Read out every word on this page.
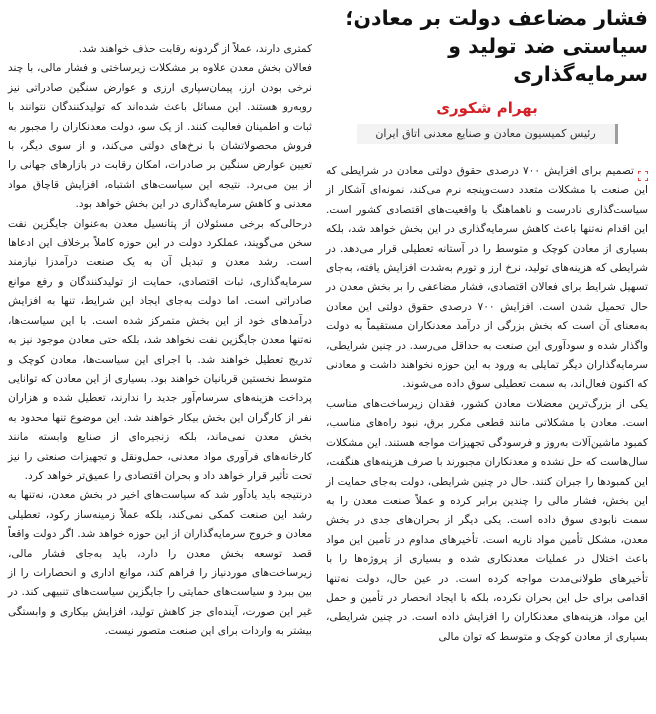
فشار مضاعف دولت بر معادن؛
سیاستی ضد تولید و سرمایه‌گذاری
بهرام شکوری
رئیس کمیسیون معادن و صنایع معدنی اتاق ایران

تصمیم برای افزایش ۷۰۰ درصدی حقوق دولتی معادن در شرایطی که این صنعت با مشکلات متعدد دست‌وپنجه نرم می‌کند، نمونه‌ای آشکار از سیاست‌گذاری نادرست و ناهماهنگ با واقعیت‌های اقتصادی کشور است. این اقدام نه‌تنها باعث کاهش سرمایه‌گذاری در این بخش خواهد شد، بلکه بسیاری از معادن کوچک و متوسط را در آستانه تعطیلی قرار می‌دهد. در شرایطی که هزینه‌های تولید، نرخ ارز و تورم به‌شدت افزایش یافته، به‌جای تسهیل شرایط برای فعالان اقتصادی، فشار مضاعفی را بر بخش معدن در حال تحمیل شدن است. افزایش ۷۰۰ درصدی حقوق دولتی این معادن به‌معنای آن است که بخش بزرگی از درآمد معدنکاران مستقیماً به دولت واگذار شده و سودآوری این صنعت به حداقل می‌رسد. در چنین شرایطی، سرمایه‌گذاران دیگر تمایلی به ورود به این حوزه نخواهند داشت و معادنی که اکنون فعال‌اند، به سمت تعطیلی سوق داده می‌شوند.

یکی از بزرگ‌ترین معضلات معادن کشور، فقدان زیرساخت‌های مناسب است. معادن با مشکلاتی مانند قطعی مکرر برق، نبود راه‌های مناسب، کمبود ماشین‌آلات به‌روز و فرسودگی تجهیزات مواجه هستند. این مشکلات سال‌هاست که حل نشده و معدنکاران مجبورند با صرف هزینه‌های هنگفت، این کمبودها را جبران کنند. حال در چنین شرایطی، دولت به‌جای حمایت از این بخش، فشار مالی را چندین برابر کرده و عملاً صنعت معدن را به سمت نابودی سوق داده است. یکی دیگر از بحران‌های جدی در بخش معدن، مشکل تأمین مواد ناریه است. تأخیرهای مداوم در تأمین این مواد باعث اختلال در عملیات معدنکاری شده و بسیاری از پروژه‌ها را با تأخیرهای طولانی‌مدت مواجه کرده است. در عین حال، دولت نه‌تنها اقدامی برای حل این بحران نکرده، بلکه با ایجاد انحصار در تأمین و حمل این مواد، هزینه‌های معدنکاران را افزایش داده است. در چنین شرایطی، بسیاری از معادن کوچک و متوسط که توان مالی

کمتری دارند، عملاً از گردونه رقابت حذف خواهند شد.

فعالان بخش معدن علاوه بر مشکلات زیرساختی و فشار مالی، با چند نرخی بودن ارز، پیمان‌سپاری ارزی و عوارض سنگین صادراتی نیز روبه‌رو هستند. این مسائل باعث شده‌اند که تولیدکنندگان نتوانند با ثبات و اطمینان فعالیت کنند. از یک سو، دولت معدنکاران را مجبور به فروش محصولاتشان با نرخ‌های دولتی می‌کند، و از سوی دیگر، با تعیین عوارض سنگین بر صادرات، امکان رقابت در بازارهای جهانی را از بین می‌برد. نتیجه این سیاست‌های اشتباه، افزایش قاچاق مواد معدنی و کاهش سرمایه‌گذاری در این بخش خواهد بود.

درحالی‌که برخی مسئولان از پتانسیل معدن به‌عنوان جایگزین نفت سخن می‌گویند، عملکرد دولت در این حوزه کاملاً برخلاف این ادعاها است. رشد معدن و تبدیل آن به یک صنعت درآمدزا نیازمند سرمایه‌گذاری، ثبات اقتصادی، حمایت از تولیدکنندگان و رفع موانع صادراتی است. اما دولت به‌جای ایجاد این شرایط، تنها به افزایش درآمدهای خود از این بخش متمرکز شده است. با این سیاست‌ها، نه‌تنها معدن جایگزین نفت نخواهد شد، بلکه حتی معادن موجود نیز به تدریج تعطیل خواهند شد. با اجرای این سیاست‌ها، معادن کوچک و متوسط نخستین قربانیان خواهند بود. بسیاری از این معادن که توانایی پرداخت هزینه‌های سرسام‌آور جدید را ندارند، تعطیل شده و هزاران نفر از کارگران این بخش بیکار خواهند شد. این موضوع تنها محدود به بخش معدن نمی‌ماند، بلکه زنجیره‌ای از صنایع وابسته مانند کارخانه‌های فرآوری مواد معدنی، حمل‌ونقل و تجهیزات صنعتی را نیز تحت تأثیر قرار خواهد داد و بحران اقتصادی را عمیق‌تر خواهد کرد.

درنتیجه باید یادآور شد که سیاست‌های اخیر در بخش معدن، نه‌تنها به رشد این صنعت کمکی نمی‌کند، بلکه عملاً زمینه‌ساز رکود، تعطیلی معادن و خروج سرمایه‌گذاران از این حوزه خواهد شد. اگر دولت واقعاً قصد توسعه بخش معدن را دارد، باید به‌جای فشار مالی، زیرساخت‌های موردنیاز را فراهم کند، موانع اداری و انحصارات را از بین ببرد و سیاست‌های حمایتی را جایگزین سیاست‌های تنبیهی کند. در غیر این صورت، آینده‌ای جز کاهش تولید، افزایش بیکاری و وابستگی بیشتر به واردات برای این صنعت متصور نیست.
